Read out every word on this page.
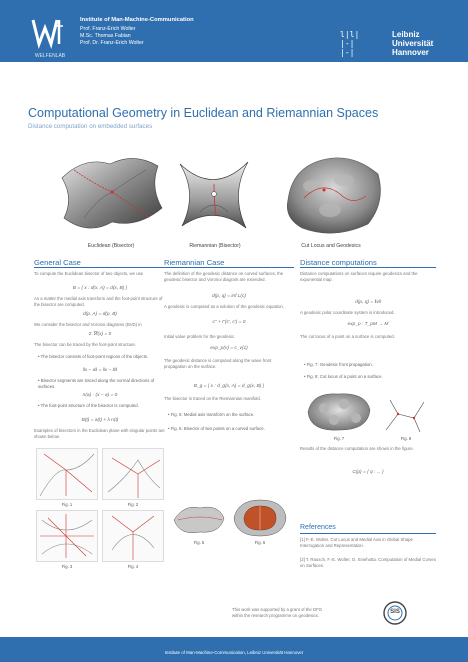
WELFENLAB
Institute of Man-Machine-Communication
Prof. Franz-Erich Wolter
M.Sc. Thomas Fabian
Prof. Dr. Franz-Erich Wolter
l|l|
|-|
|-|
Leibniz
Universität
Hannover
Computational Geometry in Euclidean and Riemannian Spaces
Distance computation on embedded surfaces
Euclidean (Bisector)	Riemannian (Bisector)	Cut Locus and Geodesics
General Case
To compute the Euclidean bisector of two objects, we use
B = { x : d(x, A) = d(x, B) }
As a matter the medial axis transform and the foot-point structure of the bisector are computed.
d(p, A) = d(p, B)
We consider the bisector and Voronoi diagrams (BVD) in
Σ ∇f(x) = 0
The bisector can be traced by the foot-point structure.
• The bisector consists of foot-point regions of the objects.
‖x − a‖ = ‖x − b‖
• Bisector segments are traced along the normal directions of surfaces.
n(a) · (x − a) = 0
• The foot-point structure of the bisector is computed.
B(t) = a(t) + λ n(t)
Examples of bisectors in the Euclidean plane with singular points are shown below.
Fig. 1	Fig. 2
Fig. 3	Fig. 4
Riemannian Case
The definition of the geodesic distance on curved surfaces, the geodesic bisector and Voronoi diagram are extended.
d(p, q) = inf L(c)
A geodesic is computed as a solution of the geodesic equation.
c″ + Γ(c′, c′) = 0
Initial value problem for the geodesic.
exp_p(v) = c_v(1)
The geodesic distance is computed along the wave front propagation on the surface.
B_g = { x : d_g(x, A) = d_g(x, B) }
The bisector is traced on the Riemannian manifold.
• Fig. 5: Medial axis transform on the surface.
• Fig. 6: Bisector of two points on a curved surface.
Fig. 5	Fig. 6
Distance computations
Distance computations on surfaces require geodesics and the exponential map.
d(p, q) = ‖v‖
A geodesic polar coordinate system is introduced.
exp_p : T_pM → M
The cut locus of a point on a surface is computed.
• Fig. 7: Geodesic front propagation.
• Fig. 8: Cut locus of a point on a surface.
Fig. 7	Fig. 8
Results of the distance computation are shown in the figure.
C(p) = { q : ... }
References
[1] F.-E. Wolter. Cut Locus and Medial Axis in Global Shape Interrogation and Representation.
[2] T. Rausch, F.-E. Wolter, O. Sniehotta. Computation of Medial Curves on Surfaces.
This work was supported by a grant of the DFG
within the research programme on geodesics.
SIS
Institute of Man-Machine-Communication, Leibniz Universität Hannover
